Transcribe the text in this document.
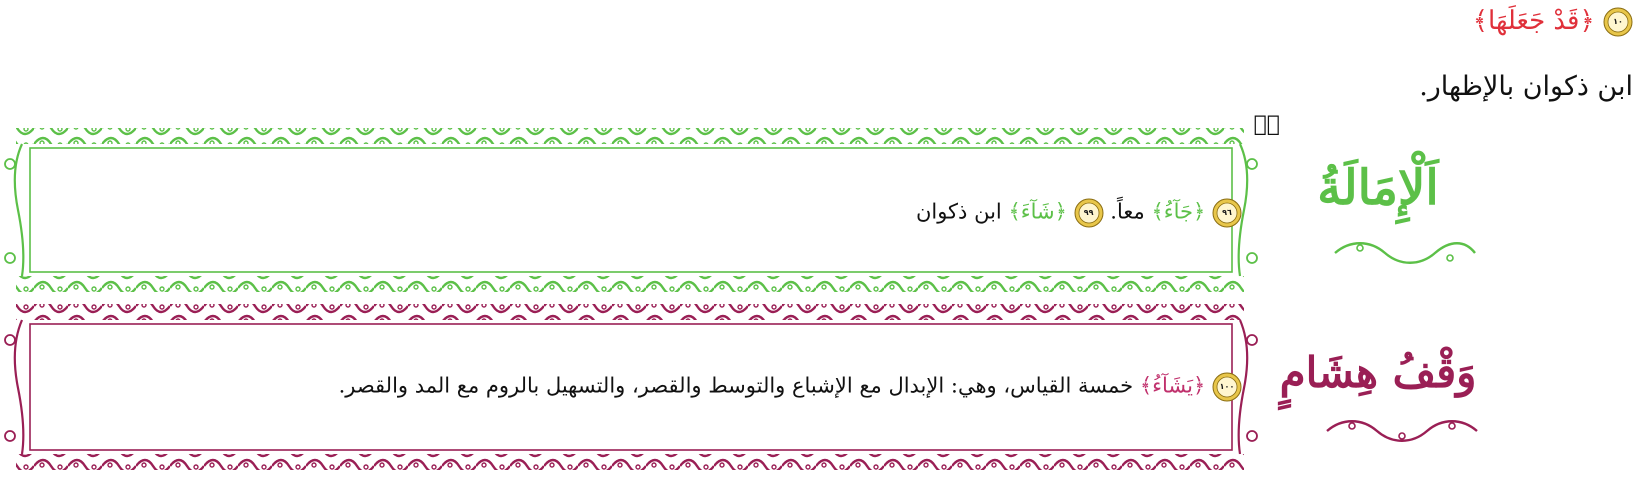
١٠
﴿قَدْ جَعَلَهَا﴾
ابن ذكوان بالإظهار.
ا۬
٩٦
﴿جَآءُ﴾ معاً.
٩٩
﴿شَآءَ﴾ ابن ذكوان	اَلْإِمَالَةُ
١٠٠
﴿يَشَآءُ﴾ خمسة القياس، وهي: الإبدال مع الإشباع والتوسط والقصر، والتسهيل بالروم مع المد والقصر.	وَقْفُ هِشَامٍ
